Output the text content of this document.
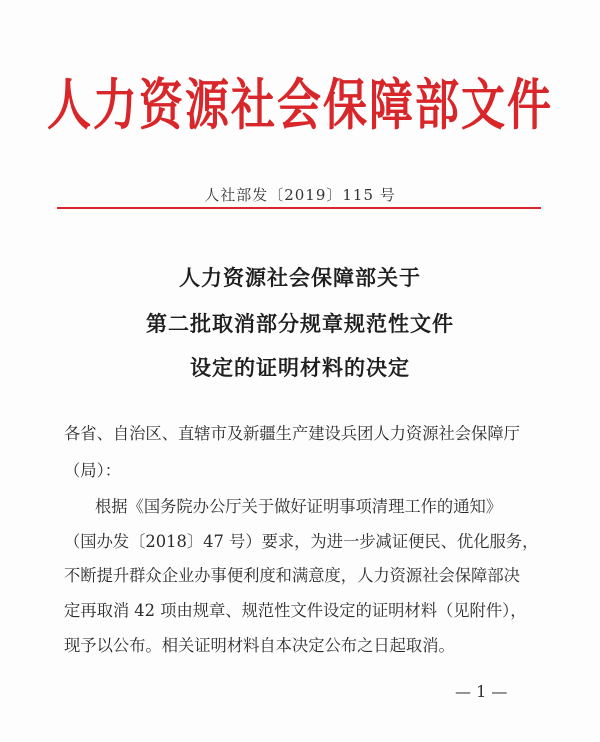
人力资源社会保障部文件
人社部发〔2019〕115 号
人力资源社会保障部关于
第二批取消部分规章规范性文件
设定的证明材料的决定
各省、自治区、直辖市及新疆生产建设兵团人力资源社会保障厅
（局）：
根据《国务院办公厅关于做好证明事项清理工作的通知》
（国办发〔2018〕47 号）要求，为进一步减证便民、优化服务，
不断提升群众企业办事便利度和满意度，人力资源社会保障部决
定再取消 42 项由规章、规范性文件设定的证明材料（见附件），
现予以公布。相关证明材料自本决定公布之日起取消。
— 1 —
